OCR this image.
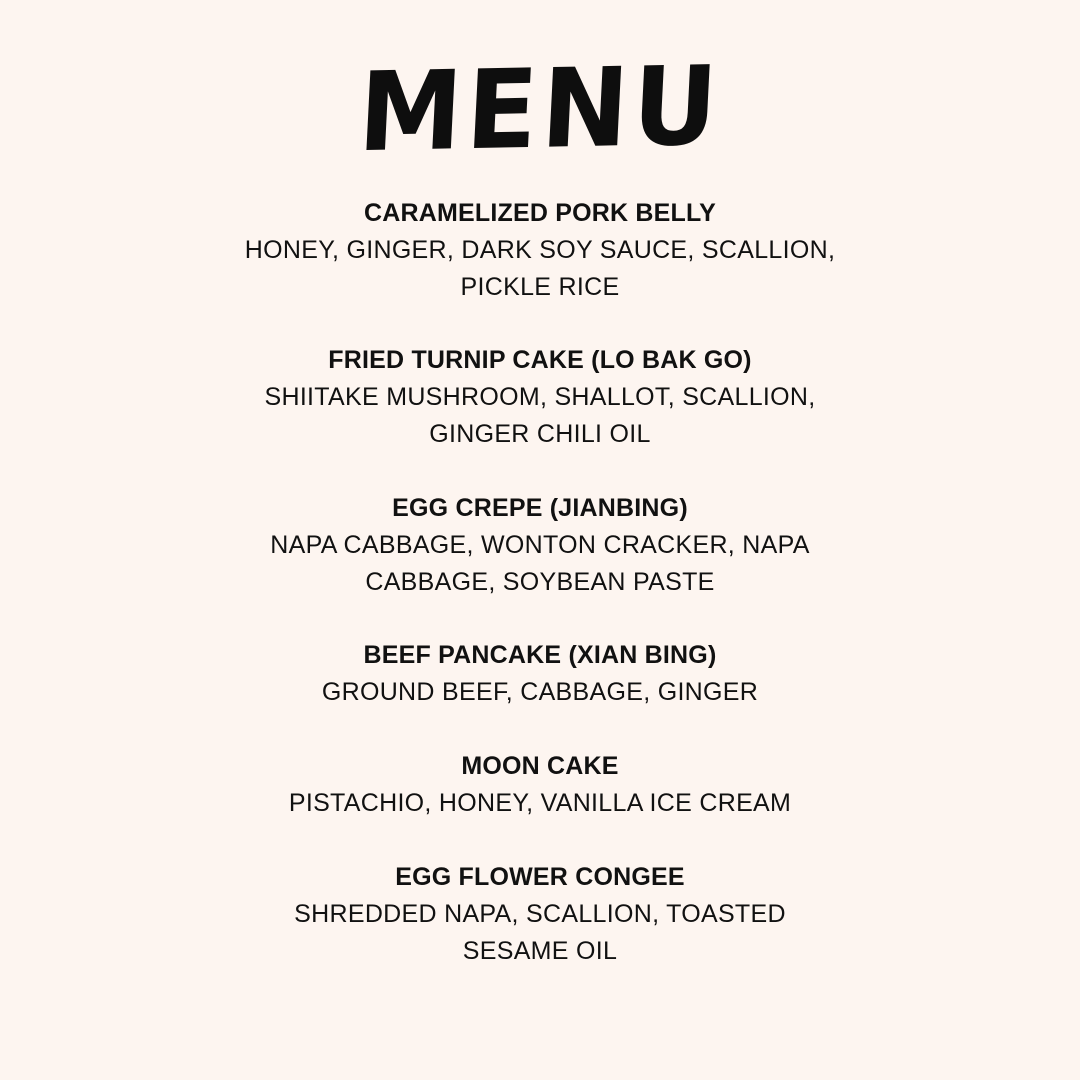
MENU
CARAMELIZED PORK BELLY
HONEY, GINGER, DARK SOY SAUCE, SCALLION,
PICKLE RICE
FRIED TURNIP CAKE (LO BAK GO)
SHIITAKE MUSHROOM, SHALLOT, SCALLION,
GINGER CHILI OIL
EGG CREPE (JIANBING)
NAPA CABBAGE, WONTON CRACKER, NAPA
CABBAGE, SOYBEAN PASTE
BEEF PANCAKE (XIAN BING)
GROUND BEEF, CABBAGE, GINGER
MOON CAKE
PISTACHIO, HONEY, VANILLA ICE CREAM
EGG FLOWER CONGEE
SHREDDED NAPA, SCALLION, TOASTED
SESAME OIL
